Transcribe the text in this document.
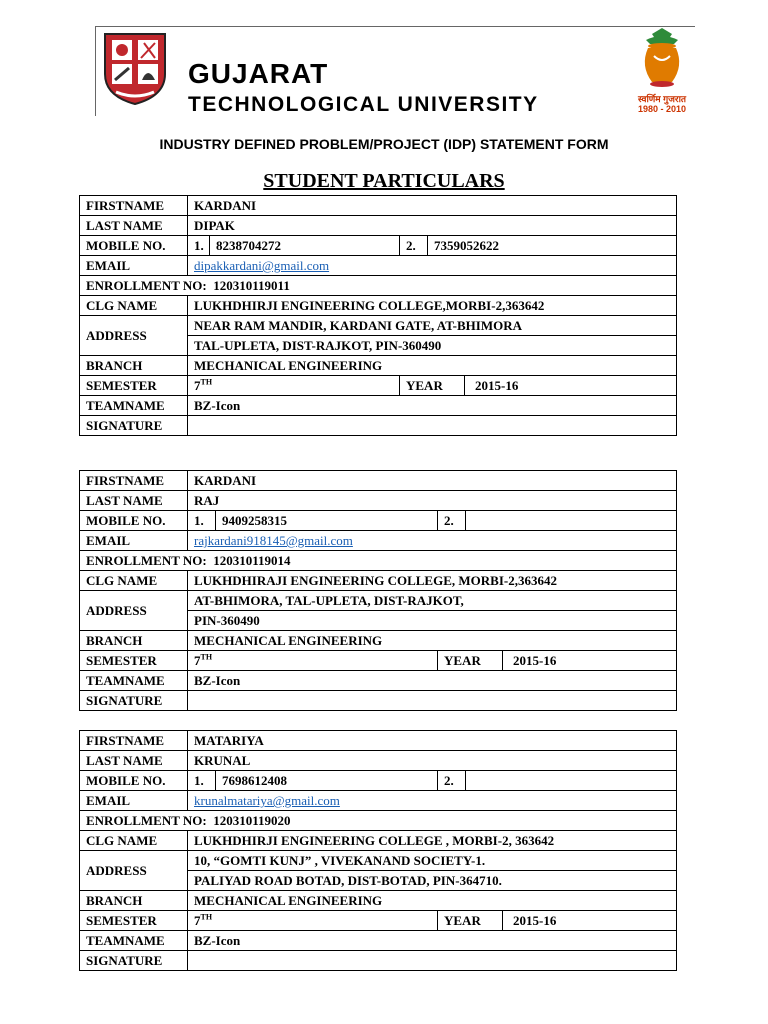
GUJARAT
TECHNOLOGICAL UNIVERSITY	स्वर्णिम गुजरात
1980 - 2010
INDUSTRY DEFINED PROBLEM/PROJECT (IDP) STATEMENT FORM
STUDENT PARTICULARS
FIRSTNAME	KARDANI			
LAST NAME	DIPAK			
MOBILE NO.	1.	8238704272	2.	7359052622
EMAIL	dipakkardani@gmail.com			
ENROLLMENT NO: 120310119011				
CLG NAME	LUKHDHIRJI ENGINEERING COLLEGE,MORBI-2,363642			
ADDRESS	NEAR RAM MANDIR, KARDANI GATE, AT-BHIMORA
TAL-UPLETA, DIST-RAJKOT, PIN-360490			

BRANCH	MECHANICAL ENGINEERING			
SEMESTER	7TH		YEAR 2015-16	

TEAMNAME	BZ-Icon			
SIGNATURE				
FIRSTNAME	KARDANI			
LAST NAME	RAJ			
MOBILE NO.	1.	9409258315	2.	
EMAIL	rajkardani918145@gmail.com			
ENROLLMENT NO: 120310119014				
CLG NAME	LUKHDHIRAJI ENGINEERING COLLEGE, MORBI-2,363642			
ADDRESS	AT-BHIMORA, TAL-UPLETA, DIST-RAJKOT,
PIN-360490			

BRANCH	MECHANICAL ENGINEERING			
SEMESTER	7TH		YEAR 2015-16	

TEAMNAME	BZ-Icon			
SIGNATURE				
FIRSTNAME	MATARIYA			
LAST NAME	KRUNAL			
MOBILE NO.	1.	7698612408	2.	
EMAIL	krunalmatariya@gmail.com			
ENROLLMENT NO: 120310119020				
CLG NAME	LUKHDHIRJI ENGINEERING COLLEGE , MORBI-2, 363642			
ADDRESS	10, “GOMTI KUNJ” , VIVEKANAND SOCIETY-1.
PALIYAD ROAD BOTAD, DIST-BOTAD, PIN-364710.			

BRANCH	MECHANICAL ENGINEERING			
SEMESTER	7TH		YEAR 2015-16	

TEAMNAME	BZ-Icon			
SIGNATURE				
